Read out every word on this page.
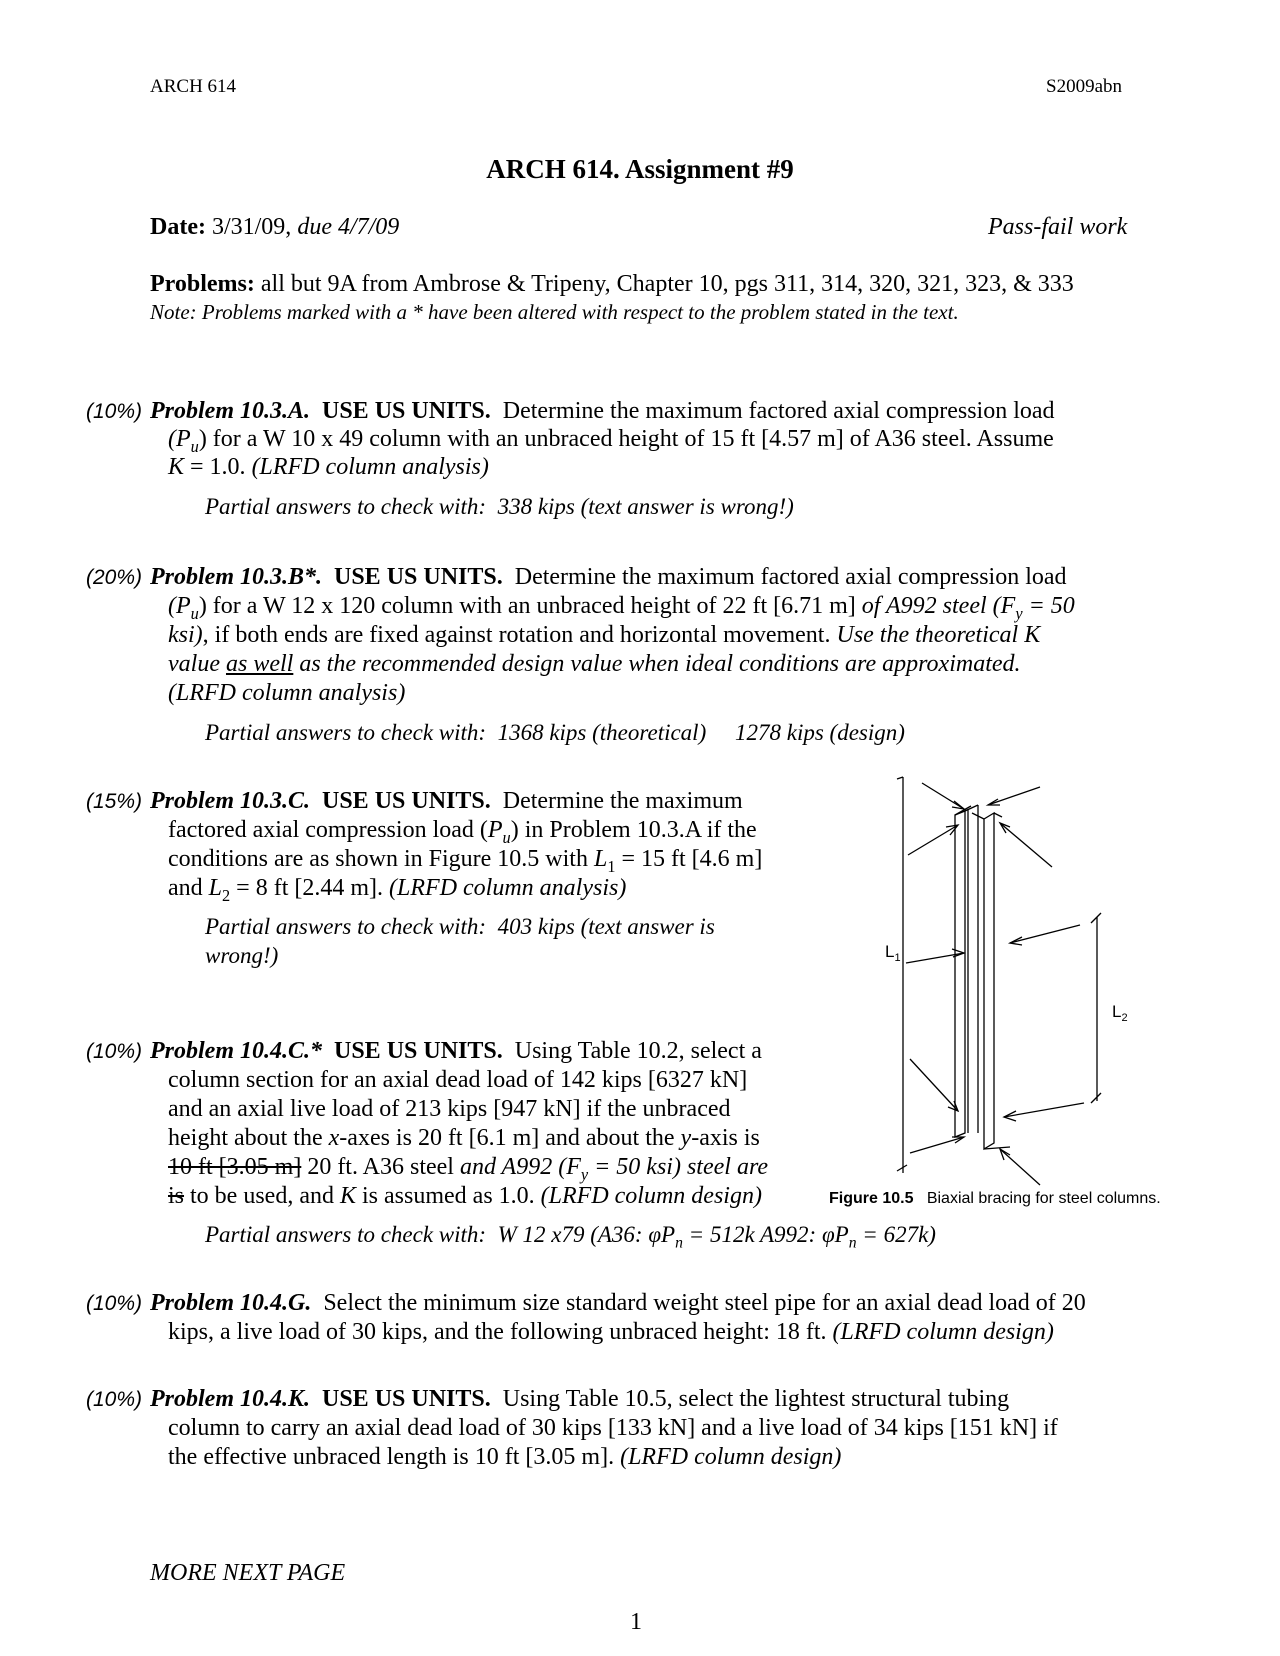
ARCH 614	S2009abn
ARCH 614. Assignment #9
Date: 3/31/09, due 4/7/09	Pass-fail work
Problems: all but 9A from Ambrose & Tripeny, Chapter 10, pgs 311, 314, 320, 321, 323, & 333
Note: Problems marked with a * have been altered with respect to the problem stated in the text.
(10%) Problem 10.3.A. USE US UNITS. Determine the maximum factored axial compression load
$(P_u)$ for a W 10 x 49 column with an unbraced height of 15 ft [4.57 m] of A36 steel. Assume
K = 1.0. (LRFD column analysis)
Partial answers to check with: 338 kips (text answer is wrong!)
(20%) Problem 10.3.B*. USE US UNITS. Determine the maximum factored axial compression load
$(P_u)$ for a W 12 x 120 column with an unbraced height of 22 ft [6.71 m] of A992 steel ($F_y = 50$
ksi), if both ends are fixed against rotation and horizontal movement. Use the theoretical K
value as well as the recommended design value when ideal conditions are approximated.
(LRFD column analysis)
Partial answers to check with: 1368 kips (theoretical) 1278 kips (design)
(15%) Problem 10.3.C. USE US UNITS. Determine the maximum
factored axial compression load $(P_u)$ in Problem 10.3.A if the
conditions are as shown in Figure 10.5 with $L_1 = 15$ ft [4.6 m]
and $L_2 = 8$ ft [2.44 m]. (LRFD column analysis)
Partial answers to check with: 403 kips (text answer is
wrong!)
(10%) Problem 10.4.C.* USE US UNITS. Using Table 10.2, select a
column section for an axial dead load of 142 kips [6327 kN]
and an axial live load of 213 kips [947 kN] if the unbraced
height about the x-axes is 20 ft [6.1 m] and about the y-axis is
10 ft [3.05 m] 20 ft. A36 steel and A992 ($F_y = 50$ ksi) steel are
is to be used, and K is assumed as 1.0. (LRFD column design)
Partial answers to check with: W 12 x79 (A36: $\varphi P_n = 512k$ A992: $\varphi P_n = 627k$)
(10%) Problem 10.4.G. Select the minimum size standard weight steel pipe for an axial dead load of 20
kips, a live load of 30 kips, and the following unbraced height: 18 ft. (LRFD column design)
(10%) Problem 10.4.K. USE US UNITS. Using Table 10.5, select the lightest structural tubing
column to carry an axial dead load of 30 kips [133 kN] and a live load of 34 kips [151 kN] if
the effective unbraced length is 10 ft [3.05 m]. (LRFD column design)
$L_1$
$L_2$
Figure 10.5 Biaxial bracing for steel columns.
MORE NEXT PAGE
1
